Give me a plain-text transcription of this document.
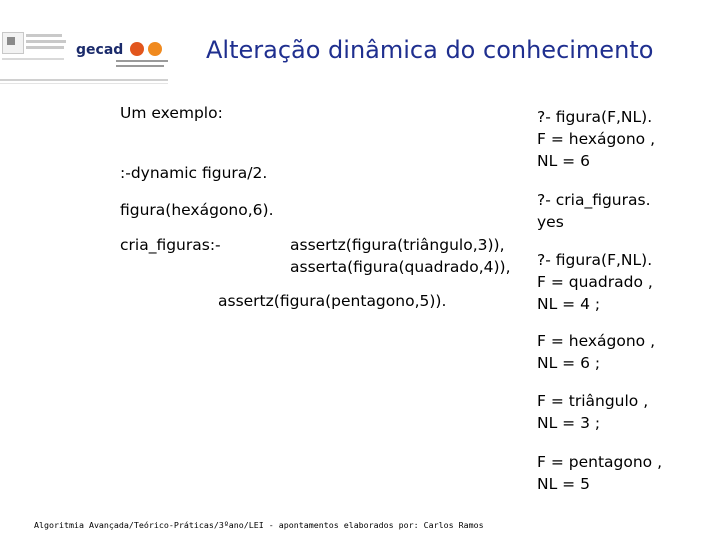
gecad	Alteração dinâmica do conhecimento
Um exemplo:
:-dynamic figura/2.
figura(hexágono,6).
cria_figuras:-	assertz(figura(triângulo,3)),
asserta(figura(quadrado,4)),
assertz(figura(pentagono,5)).
?- figura(F,NL).
F = hexágono ,
NL = 6
?- cria_figuras.
yes
?- figura(F,NL).
F = quadrado ,
NL = 4 ;
F = hexágono ,
NL = 6 ;
F = triângulo ,
NL = 3 ;
F = pentagono ,
NL = 5
Algoritmia Avançada/Teórico-Práticas/3ºano/LEI - apontamentos elaborados por: Carlos Ramos
